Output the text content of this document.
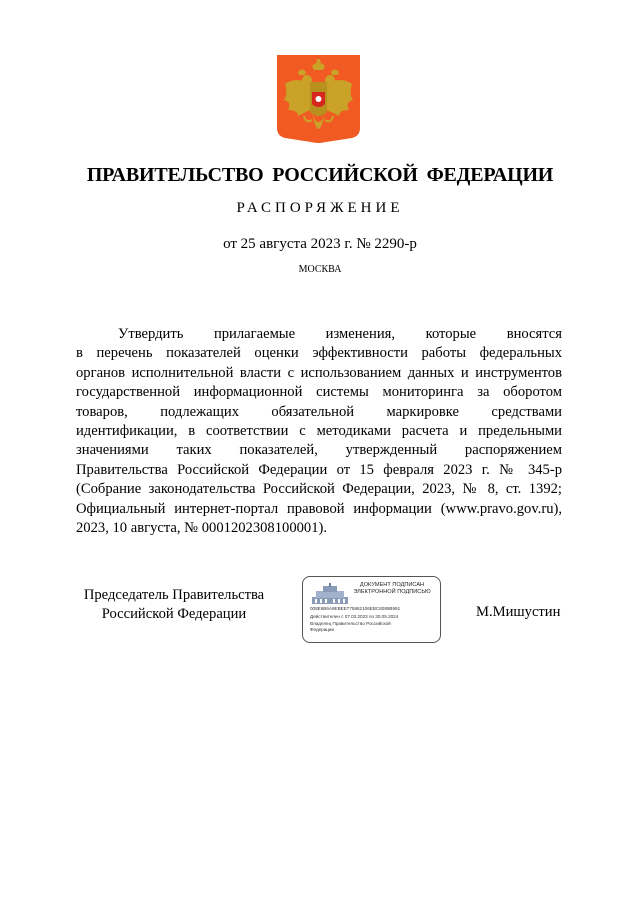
ПРАВИТЕЛЬСТВО РОССИЙСКОЙ ФЕДЕРАЦИИ
РАСПОРЯЖЕНИЕ
от 25 августа 2023 г. № 2290-р
МОСКВА
Утвердить прилагаемые изменения, которые вносятся
в перечень показателей оценки эффективности работы федеральных
органов исполнительной власти с использованием данных и инструментов
государственной информационной системы мониторинга за оборотом
товаров, подлежащих обязательной маркировке средствами
идентификации, в соответствии с методиками расчета и предельными
значениями таких показателей, утвержденный распоряжением
Правительства Российской Федерации от 15 февраля 2023 г. № 345-р
(Собрание законодательства Российской Федерации, 2023, № 8, ст. 1392;
Официальный интернет-портал правовой информации (www.pravo.gov.ru),
2023, 10 августа, № 0001202308100001).
Председатель Правительства
Российской Федерации
ДОКУМЕНТ ПОДПИСАН
ЭЛЕКТРОННОЙ ПОДПИСЬЮ
008E6B6A9EBEE775862106EBC6089B991
Действителен с 07.03.2023 по 30.05.2024
Владелец Правительство Российской
Федерации
М.Мишустин
